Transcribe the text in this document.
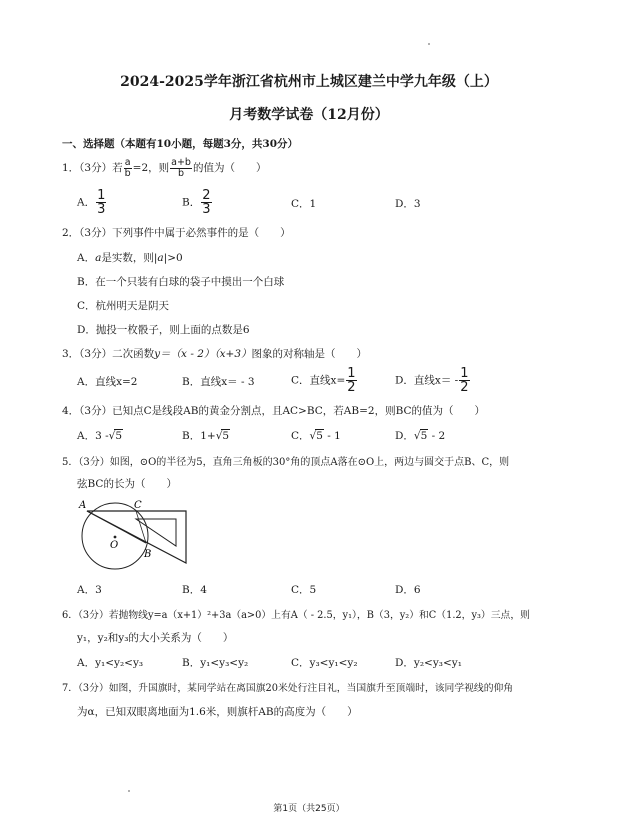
2024-2025学年浙江省杭州市上城区建兰中学九年级（上）
月考数学试卷（12月份）
一、选择题（本题有10小题，每题3分，共30分）
1．（3分）若 $\frac{a}{b} =2$，则 $\frac{a+b}{b}$ 的值为（　　）
A． $\frac{1}{3}$	B． $\frac{2}{3}$	C．1	D．3
2．（3分）下列事件中属于必然事件的是（　　）
A．a是实数，则|a|>0
B．在一个只装有白球的袋子中摸出一个白球
C．杭州明天是阴天
D．抛投一枚骰子，则上面的点数是6
3．（3分）二次函数y＝（x - 2）（x+3）图象的对称轴是（　　）
A．直线x=2	B．直线x＝ - 3	C．直线$x= \frac{1}{2}$	D．直线$x= - \frac{1}{2}$
4．（3分）已知点C是线段AB的黄金分割点，且AC>BC，若AB=2，则BC的值为（　　）
A．3 -√5	B．1+√5	C．√5 - 1	D．√5 - 2
5．（3分）如图，⊙O的半径为5，直角三角板的30°角的顶点A落在⊙O上，两边与圆交于点B、C，则
弦BC的长为（　　）
A	C
O
B
A．3	B．4	C．5	D．6
6．（3分）若抛物线y=a（x+1）²+3a（a>0）上有A（ - 2.5，y₁），B（3，y₂）和C（1.2，y₃）三点，则
y₁，y₂和y₃的大小关系为（　　）
A．y₁<y₂<y₃	B．y₁<y₃<y₂	C．y₃<y₁<y₂	D．y₂<y₃<y₁
7．（3分）如图，升国旗时，某同学站在离国旗20米处行注目礼，当国旗升至顶端时，该同学视线的仰角
为α，已知双眼离地面为1.6米，则旗杆AB的高度为（　　）
第1页（共25页）
